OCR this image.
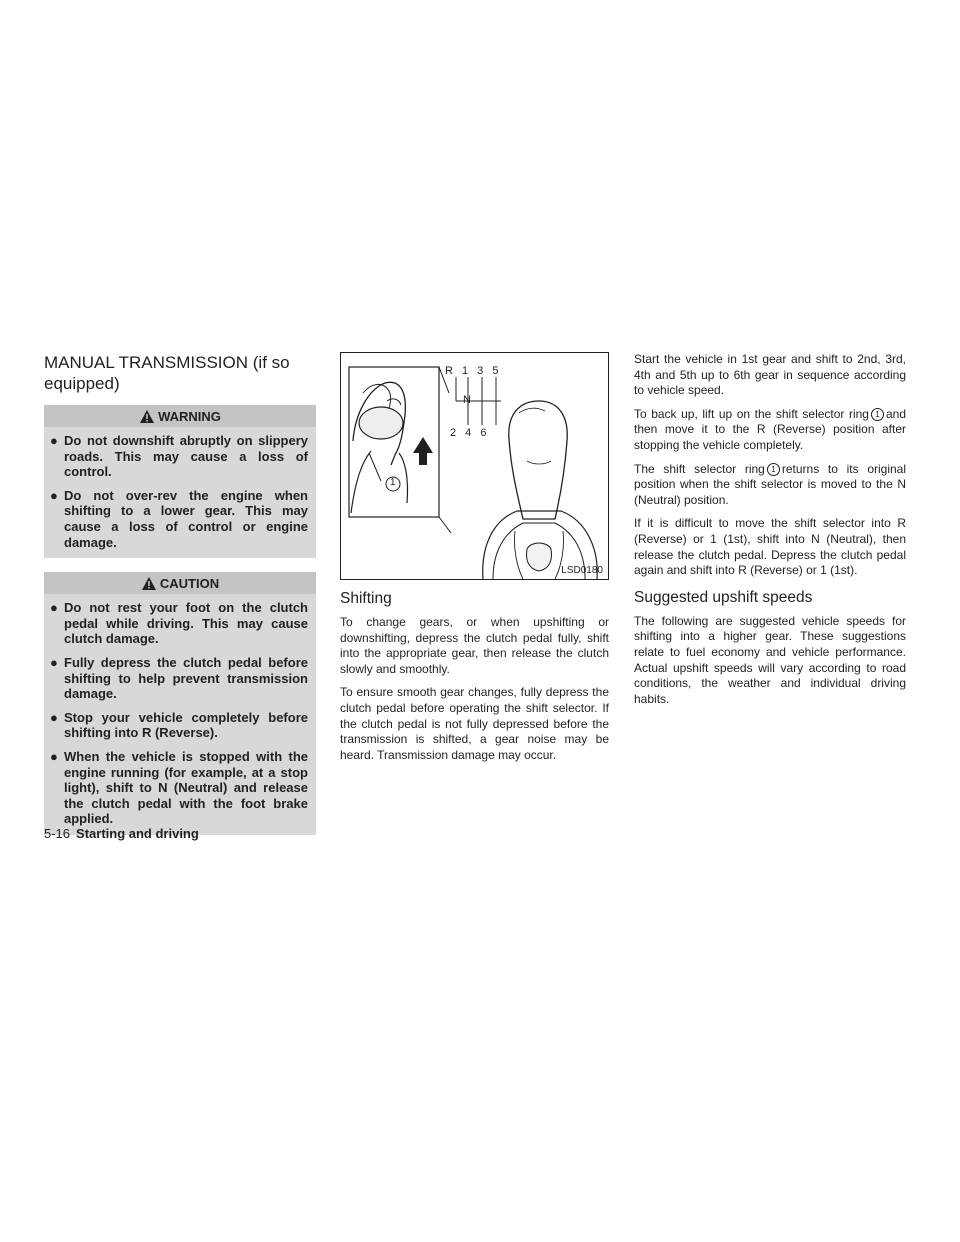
MANUAL TRANSMISSION (if so equipped)
WARNING
● Do not downshift abruptly on slippery roads. This may cause a loss of control.
● Do not over-rev the engine when shifting to a lower gear. This may cause a loss of control or engine damage.
CAUTION
● Do not rest your foot on the clutch pedal while driving. This may cause clutch damage.
● Fully depress the clutch pedal before shifting to help prevent transmission damage.
● Stop your vehicle completely before shifting into R (Reverse).
● When the vehicle is stopped with the engine running (for example, at a stop light), shift to N (Neutral) and release the clutch pedal with the foot brake applied.
R 1 3 5
N
2 4 6
1
LSD0180
Shifting

To change gears, or when upshifting or downshifting, depress the clutch pedal fully, shift into the appropriate gear, then release the clutch slowly and smoothly.

To ensure smooth gear changes, fully depress the clutch pedal before operating the shift selector. If the clutch pedal is not fully depressed before the transmission is shifted, a gear noise may be heard. Transmission damage may occur.

Start the vehicle in 1st gear and shift to 2nd, 3rd, 4th and 5th up to 6th gear in sequence according to vehicle speed.

To back up, lift up on the shift selector ring 1 and then move it to the R (Reverse) position after stopping the vehicle completely.

The shift selector ring 1 returns to its original position when the shift selector is moved to the N (Neutral) position.

If it is difficult to move the shift selector into R (Reverse) or 1 (1st), shift into N (Neutral), then release the clutch pedal. Depress the clutch pedal again and shift into R (Reverse) or 1 (1st).

Suggested upshift speeds

The following are suggested vehicle speeds for shifting into a higher gear. These suggestions relate to fuel economy and vehicle performance. Actual upshift speeds will vary according to road conditions, the weather and individual driving habits.

5-16 Starting and driving
